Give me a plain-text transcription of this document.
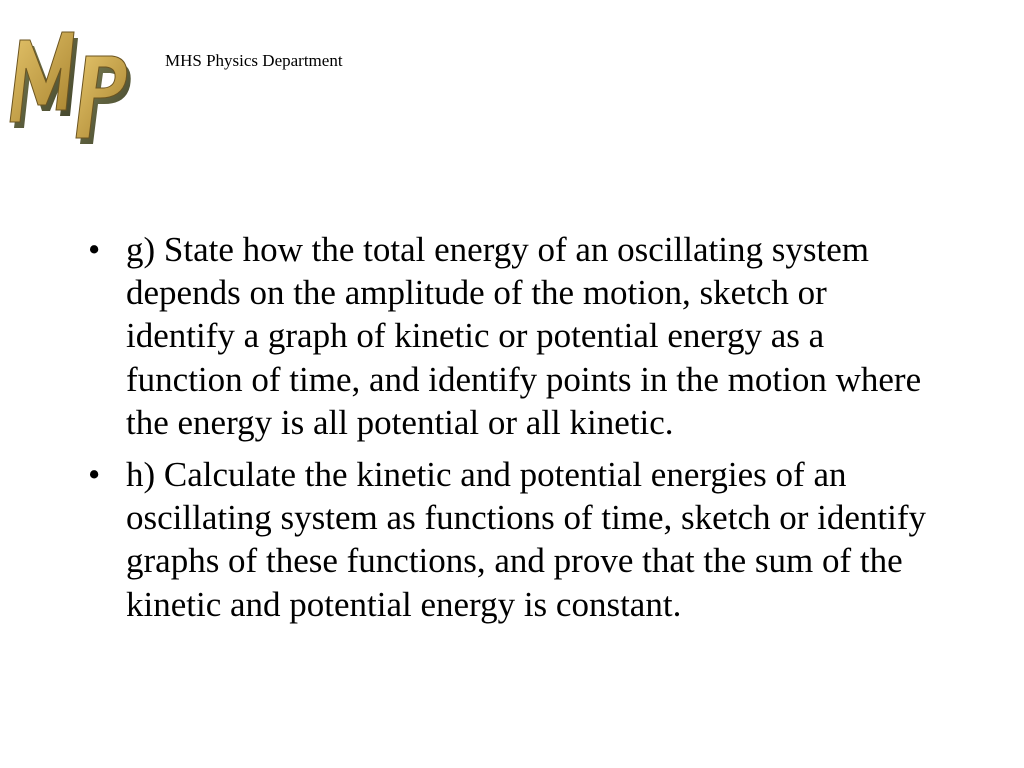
MHS Physics Department
• g) State how the total energy of an oscillating system depends on the amplitude of the motion, sketch or identify a graph of kinetic or potential energy as a function of time, and identify points in the motion where the energy is all potential or all kinetic.
• h) Calculate the kinetic and potential energies of an oscillating system as functions of time, sketch or identify graphs of these functions, and prove that the sum of the kinetic and potential energy is constant.
